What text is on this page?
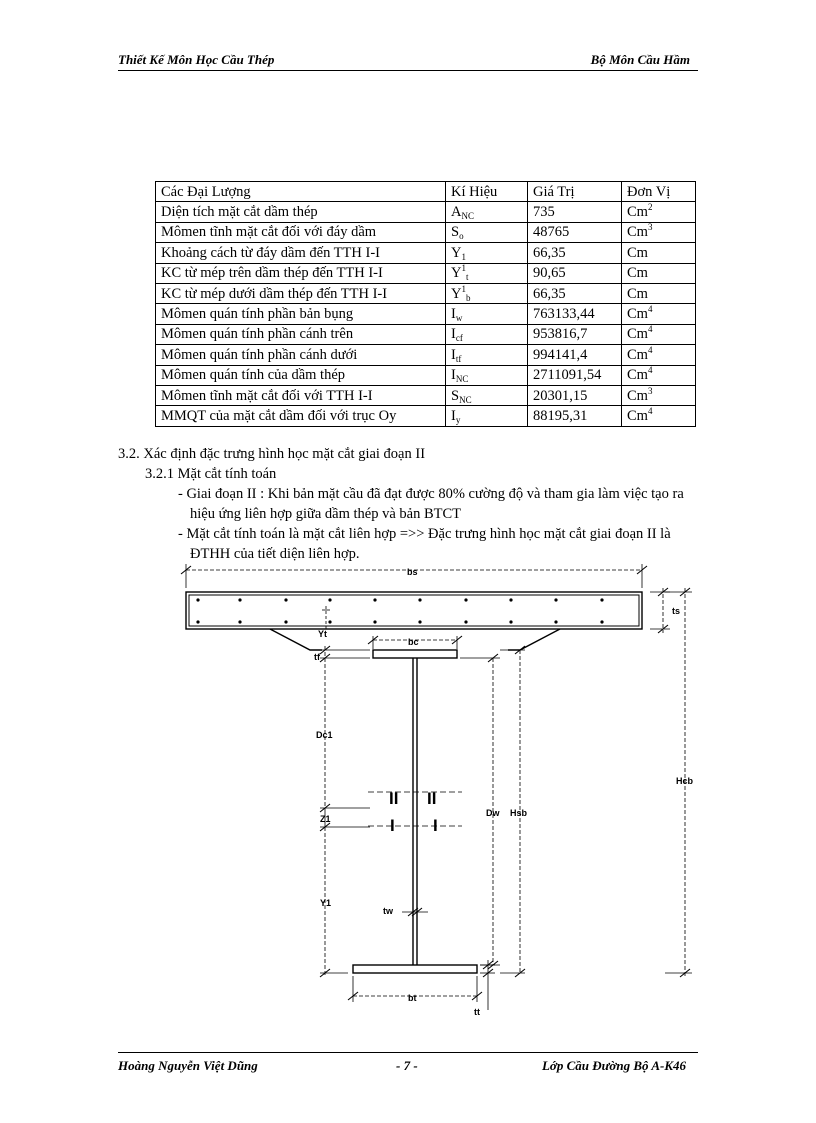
Thiết Kế Môn Học Cầu Thép	Bộ Môn Cầu Hầm
Các Đại Lượng	Kí Hiệu	Giá Trị	Đơn Vị
Diện tích mặt cắt dầm thép	$A_{NC}$	735	Cm$^2$
Mômen tĩnh mặt cắt đối với đáy dầm	$S_o$	48765	Cm$^3$
Khoảng cách từ đáy dầm đến TTH I-I	$Y_1$	66,35	Cm
KC từ mép trên dầm thép đến TTH I-I	$Y^1_t$	90,65	Cm
KC từ mép dưới dầm thép đến TTH I-I	$Y^1_b$	66,35	Cm
Mômen quán tính phần bản bụng	$I_w$	763133,44	Cm$^4$
Mômen quán tính phần cánh trên	$I_{cf}$	953816,7	Cm$^4$
Mômen quán tính phần cánh dưới	$I_{tf}$	994141,4	Cm$^4$
Mômen quán tính của dầm thép	$I_{NC}$	2711091,54	Cm$^4$
Mômen tĩnh mặt cắt đối với TTH I-I	$S_{NC}$	20301,15	Cm$^3$
MMQT của mặt cắt dầm đối với trục Oy	$I_y$	88195,31	Cm$^4$
3.2. Xác định đặc trưng hình học mặt cắt giai đoạn II
3.2.1 Mặt cắt tính toán
- Giai đoạn II : Khi bản mặt cầu đã đạt được 80% cường độ và tham gia làm việc tạo ra
hiệu ứng liên hợp giữa dầm thép và bản BTCT
- Mặt cắt tính toán là mặt cắt liên hợp =>> Đặc trưng hình học mặt cắt giai đoạn II là
ĐTHH của tiết diện liên hợp.
bs
ts
Yt
bc
tf
Dc1
Z1
Y1
tw
Dw Hsb
Hcb
bt
tt
II II
I I
Hoàng Nguyễn Việt Dũng	- 7 -	Lớp Cầu Đường Bộ A-K46
